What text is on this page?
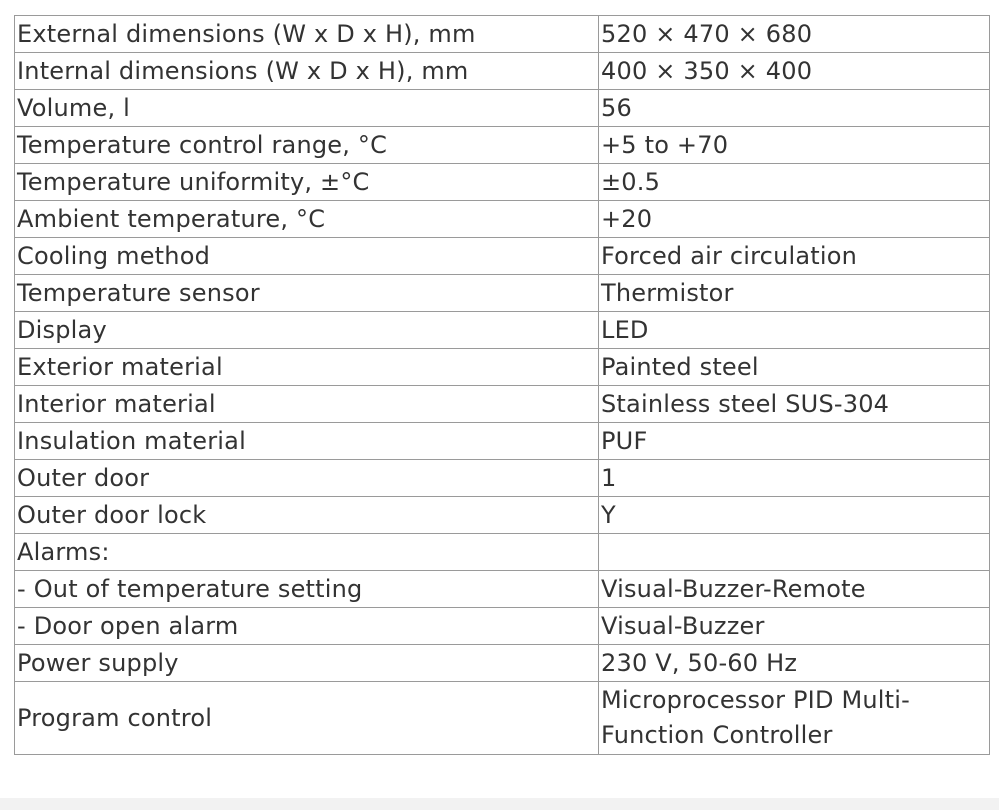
External dimensions (W x D x H), mm	520 × 470 × 680
Internal dimensions (W x D x H), mm	400 × 350 × 400
Volume, l	56
Temperature control range, °C	+5 to +70
Temperature uniformity, ±°C	±0.5
Ambient temperature, °C	+20
Cooling method	Forced air circulation
Temperature sensor	Thermistor
Display	LED
Exterior material	Painted steel
Interior material	Stainless steel SUS-304
Insulation material	PUF
Outer door	1
Outer door lock	Y
Alarms:	
- Out of temperature setting	Visual-Buzzer-Remote
- Door open alarm	Visual-Buzzer
Power supply	230 V, 50-60 Hz
Program control	Microprocessor PID Multi-Function Controller
